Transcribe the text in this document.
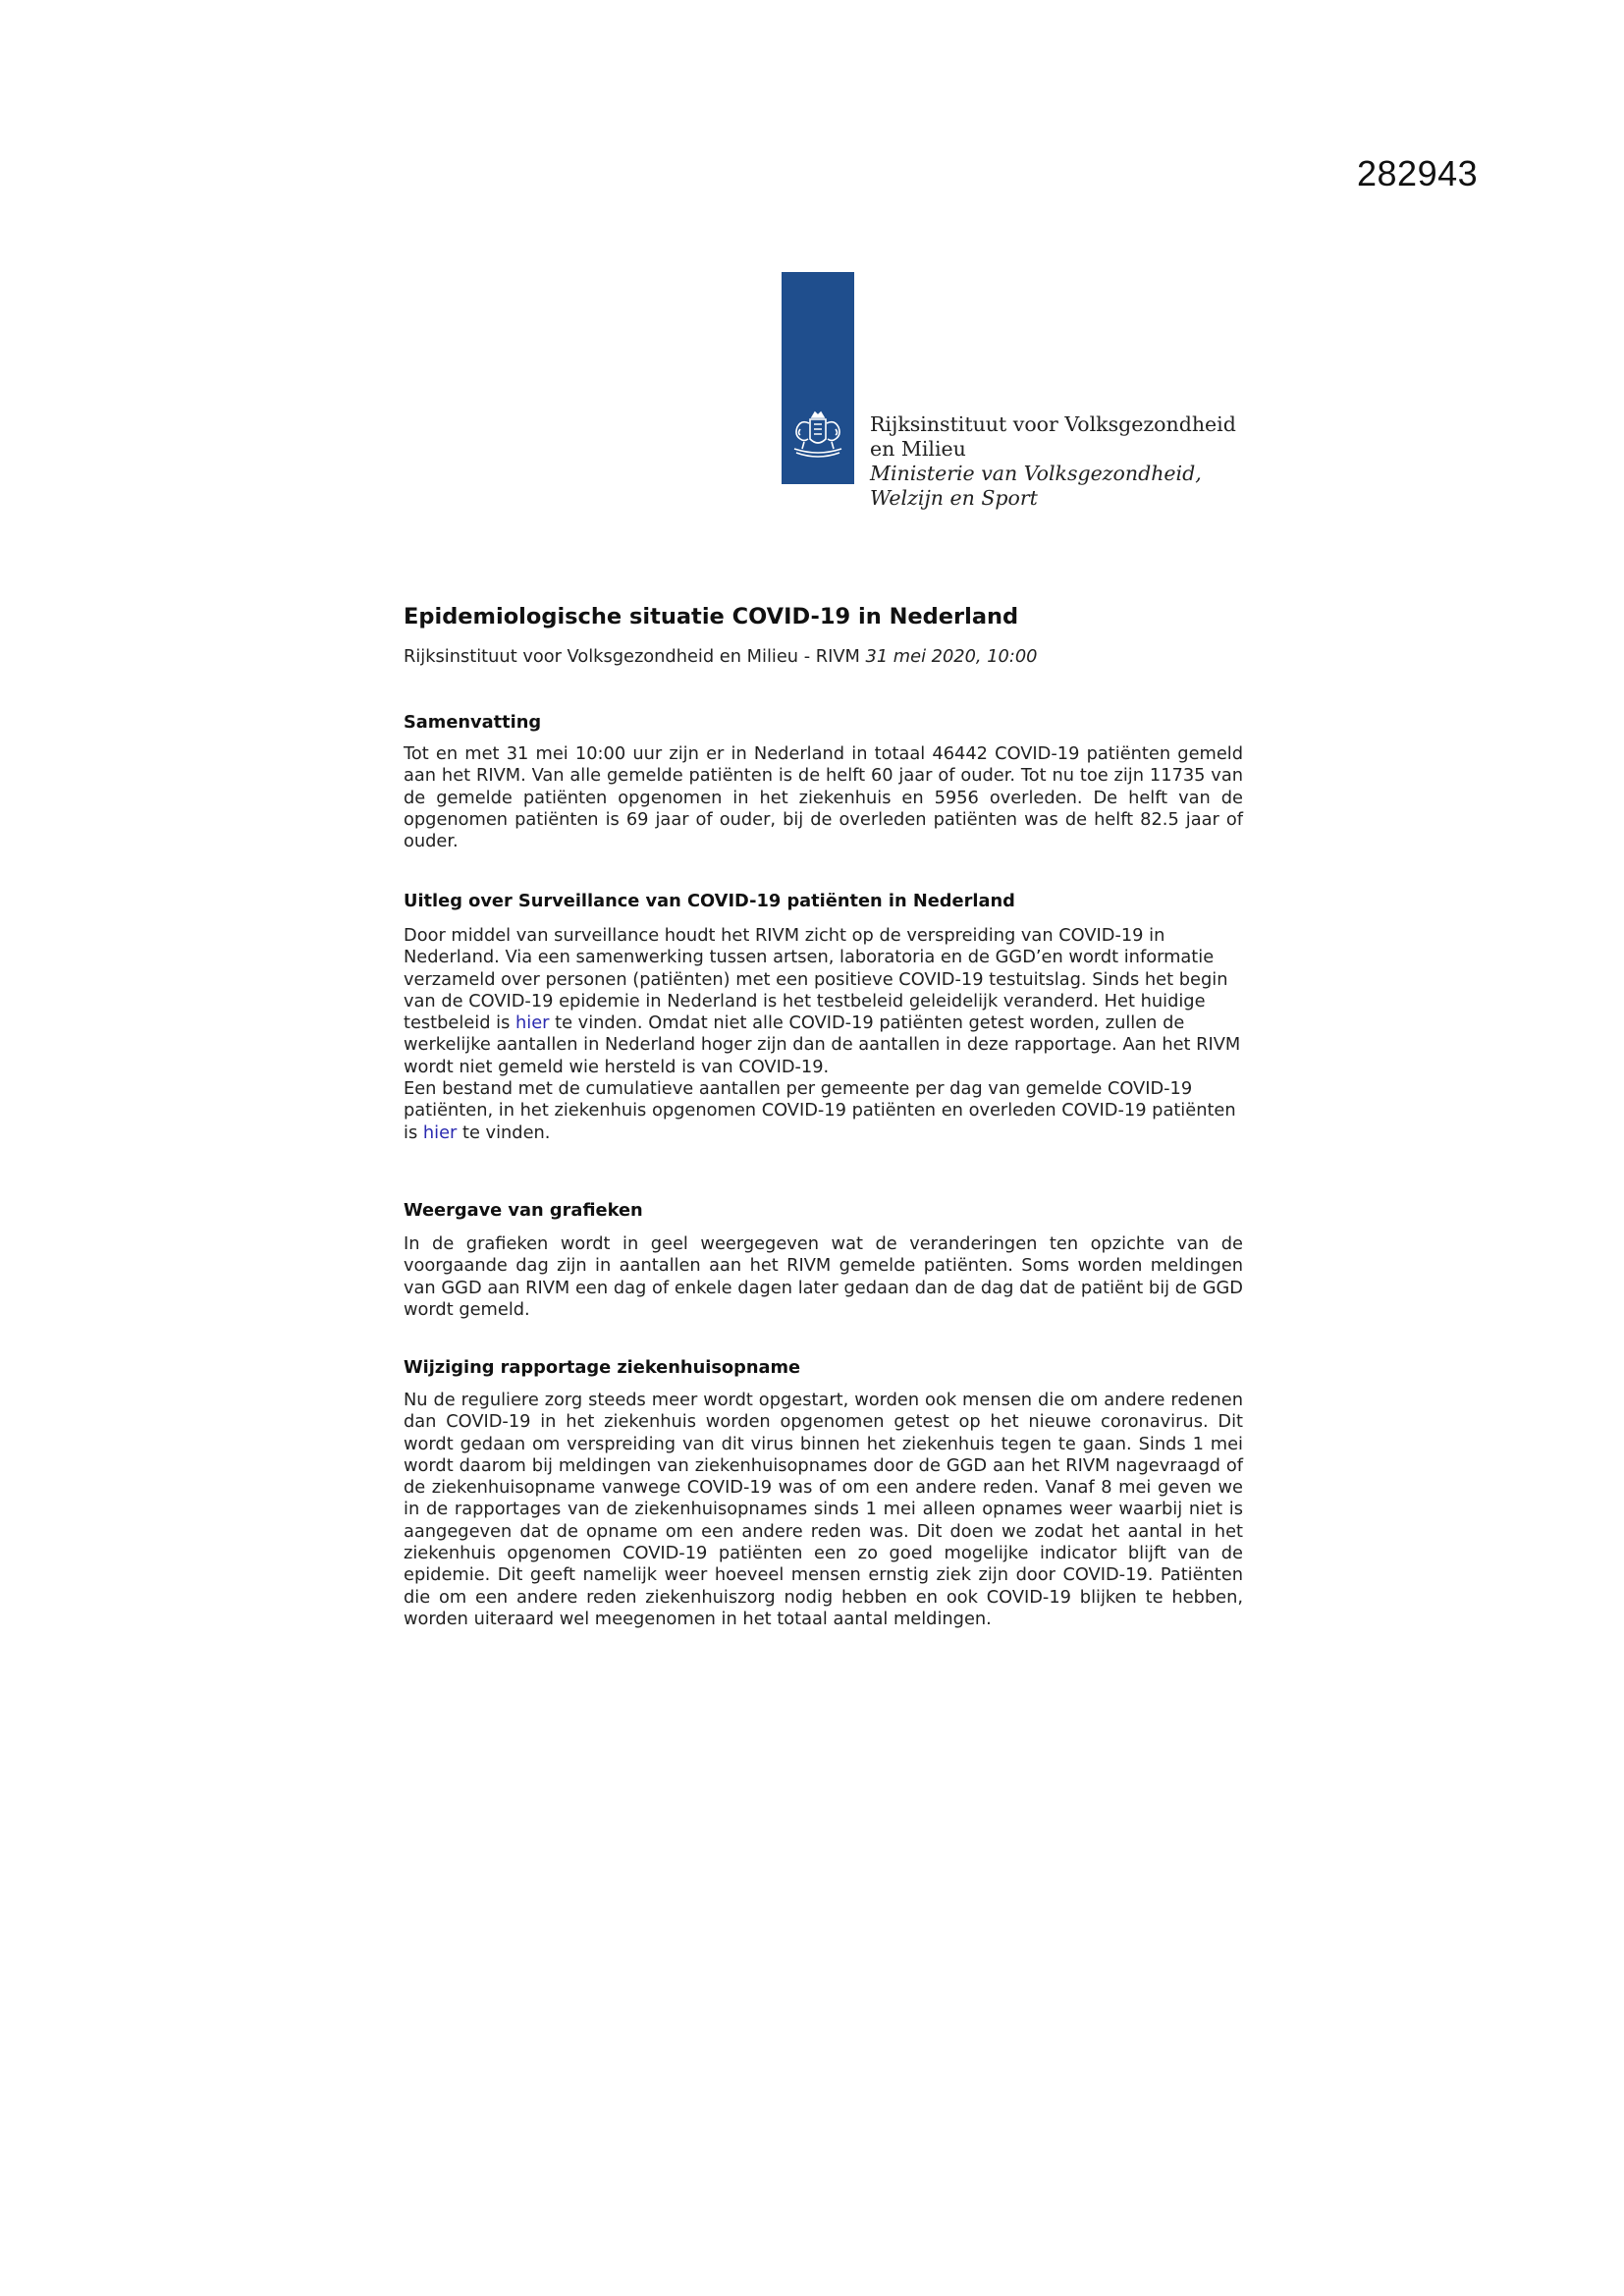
282943
Rijksinstituut voor Volksgezondheid
en Milieu
Ministerie van Volksgezondheid,
Welzijn en Sport
Epidemiologische situatie COVID-19 in Nederland

Rijksinstituut voor Volksgezondheid en Milieu - RIVM 31 mei 2020, 10:00

Samenvatting

Tot en met 31 mei 10:00 uur zijn er in Nederland in totaal 46442 COVID-19 patiënten gemeld aan het RIVM. Van alle gemelde patiënten is de helft 60 jaar of ouder. Tot nu toe zijn 11735 van de gemelde patiënten opgenomen in het ziekenhuis en 5956 overleden. De helft van de opgenomen patiënten is 69 jaar of ouder, bij de overleden patiënten was de helft 82.5 jaar of ouder.

Uitleg over Surveillance van COVID-19 patiënten in Nederland

Door middel van surveillance houdt het RIVM zicht op de verspreiding van COVID-19 in Nederland. Via een samenwerking tussen artsen, laboratoria en de GGD’en wordt informatie verzameld over personen (patiënten) met een positieve COVID-19 testuitslag. Sinds het begin van de COVID-19 epidemie in Nederland is het testbeleid geleidelijk veranderd. Het huidige testbeleid is hier te vinden. Omdat niet alle COVID-19 patiënten getest worden, zullen de werkelijke aantallen in Nederland hoger zijn dan de aantallen in deze rapportage. Aan het RIVM wordt niet gemeld wie hersteld is van COVID-19.
Een bestand met de cumulatieve aantallen per gemeente per dag van gemelde COVID-19 patiënten, in het ziekenhuis opgenomen COVID-19 patiënten en overleden COVID-19 patiënten is hier te vinden.

Weergave van grafieken

In de grafieken wordt in geel weergegeven wat de veranderingen ten opzichte van de voorgaande dag zijn in aantallen aan het RIVM gemelde patiënten. Soms worden meldingen van GGD aan RIVM een dag of enkele dagen later gedaan dan de dag dat de patiënt bij de GGD wordt gemeld.

Wijziging rapportage ziekenhuisopname

Nu de reguliere zorg steeds meer wordt opgestart, worden ook mensen die om andere redenen dan COVID-19 in het ziekenhuis worden opgenomen getest op het nieuwe coronavirus. Dit wordt gedaan om verspreiding van dit virus binnen het ziekenhuis tegen te gaan. Sinds 1 mei wordt daarom bij meldingen van ziekenhuisopnames door de GGD aan het RIVM nagevraagd of de ziekenhuisopname vanwege COVID-19 was of om een andere reden. Vanaf 8 mei geven we in de rapportages van de ziekenhuisopnames sinds 1 mei alleen opnames weer waarbij niet is aangegeven dat de opname om een andere reden was. Dit doen we zodat het aantal in het ziekenhuis opgenomen COVID-19 patiënten een zo goed mogelijke indicator blijft van de epidemie. Dit geeft namelijk weer hoeveel mensen ernstig ziek zijn door COVID-19. Patiënten die om een andere reden ziekenhuiszorg nodig hebben en ook COVID-19 blijken te hebben, worden uiteraard wel meegenomen in het totaal aantal meldingen.
